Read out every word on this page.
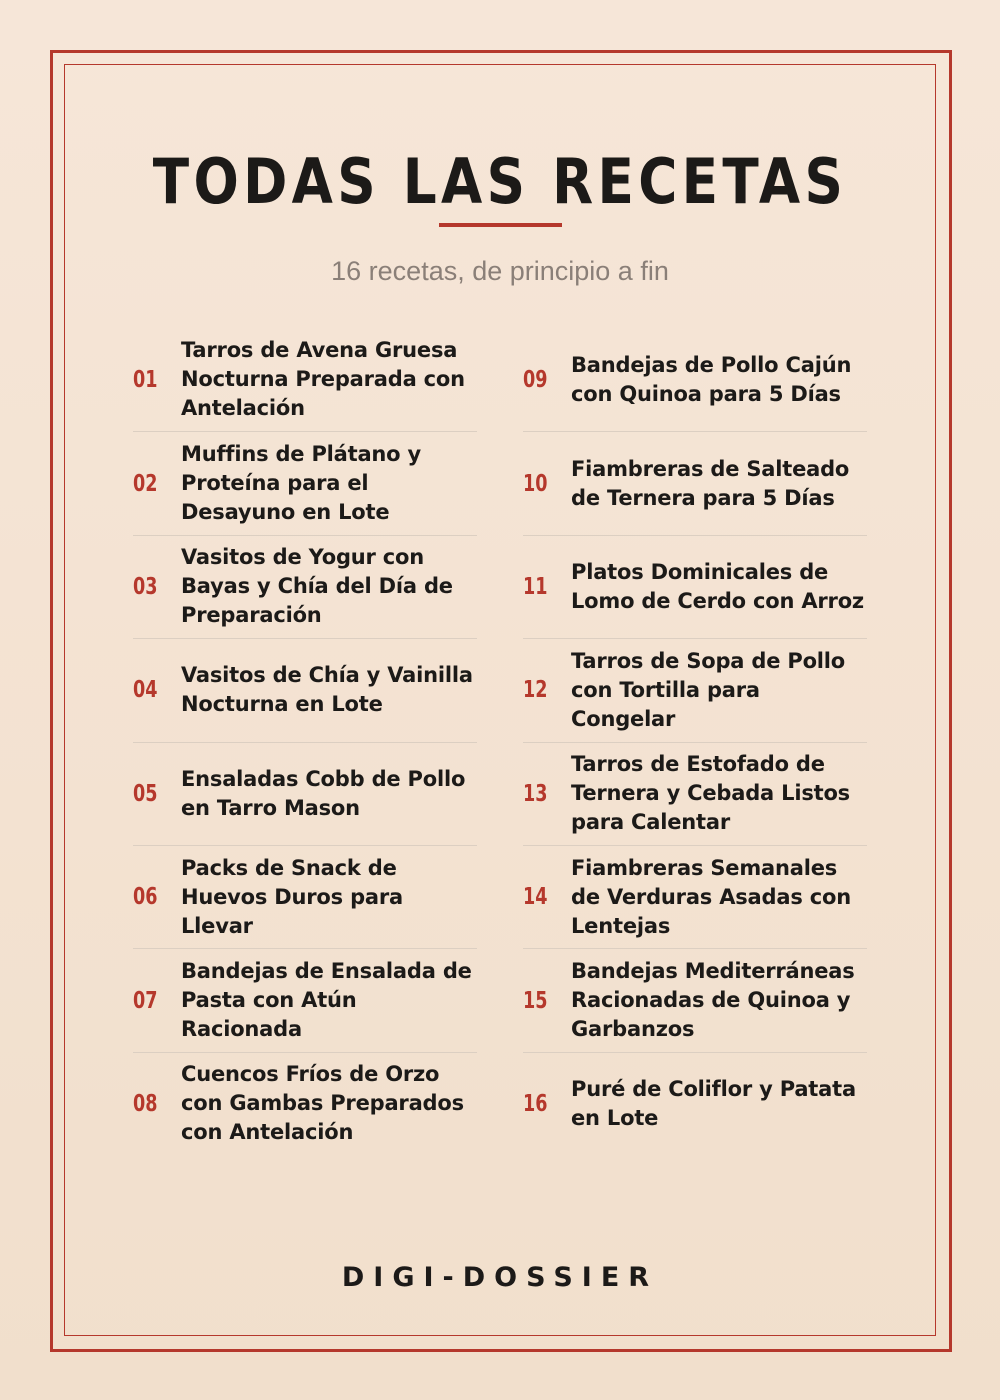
TODAS LAS RECETAS
16 recetas, de principio a fin
01
Tarros de Avena Gruesa Nocturna Preparada con Antelación
02
Muffins de Plátano y Proteína para el Desayuno en Lote
03
Vasitos de Yogur con Bayas y Chía del Día de Preparación
04
Vasitos de Chía y Vainilla Nocturna en Lote
05
Ensaladas Cobb de Pollo en Tarro Mason
06
Packs de Snack de Huevos Duros para Llevar
07
Bandejas de Ensalada de Pasta con Atún Racionada
08
Cuencos Fríos de Orzo con Gambas Preparados con Antelación
09
Bandejas de Pollo Cajún con Quinoa para 5 Días
10
Fiambreras de Salteado de Ternera para 5 Días
11
Platos Dominicales de Lomo de Cerdo con Arroz
12
Tarros de Sopa de Pollo con Tortilla para Congelar
13
Tarros de Estofado de Ternera y Cebada Listos para Calentar
14
Fiambreras Semanales de Verduras Asadas con Lentejas
15
Bandejas Mediterráneas Racionadas de Quinoa y Garbanzos
16
Puré de Coliflor y Patata en Lote
DIGI-DOSSIER
